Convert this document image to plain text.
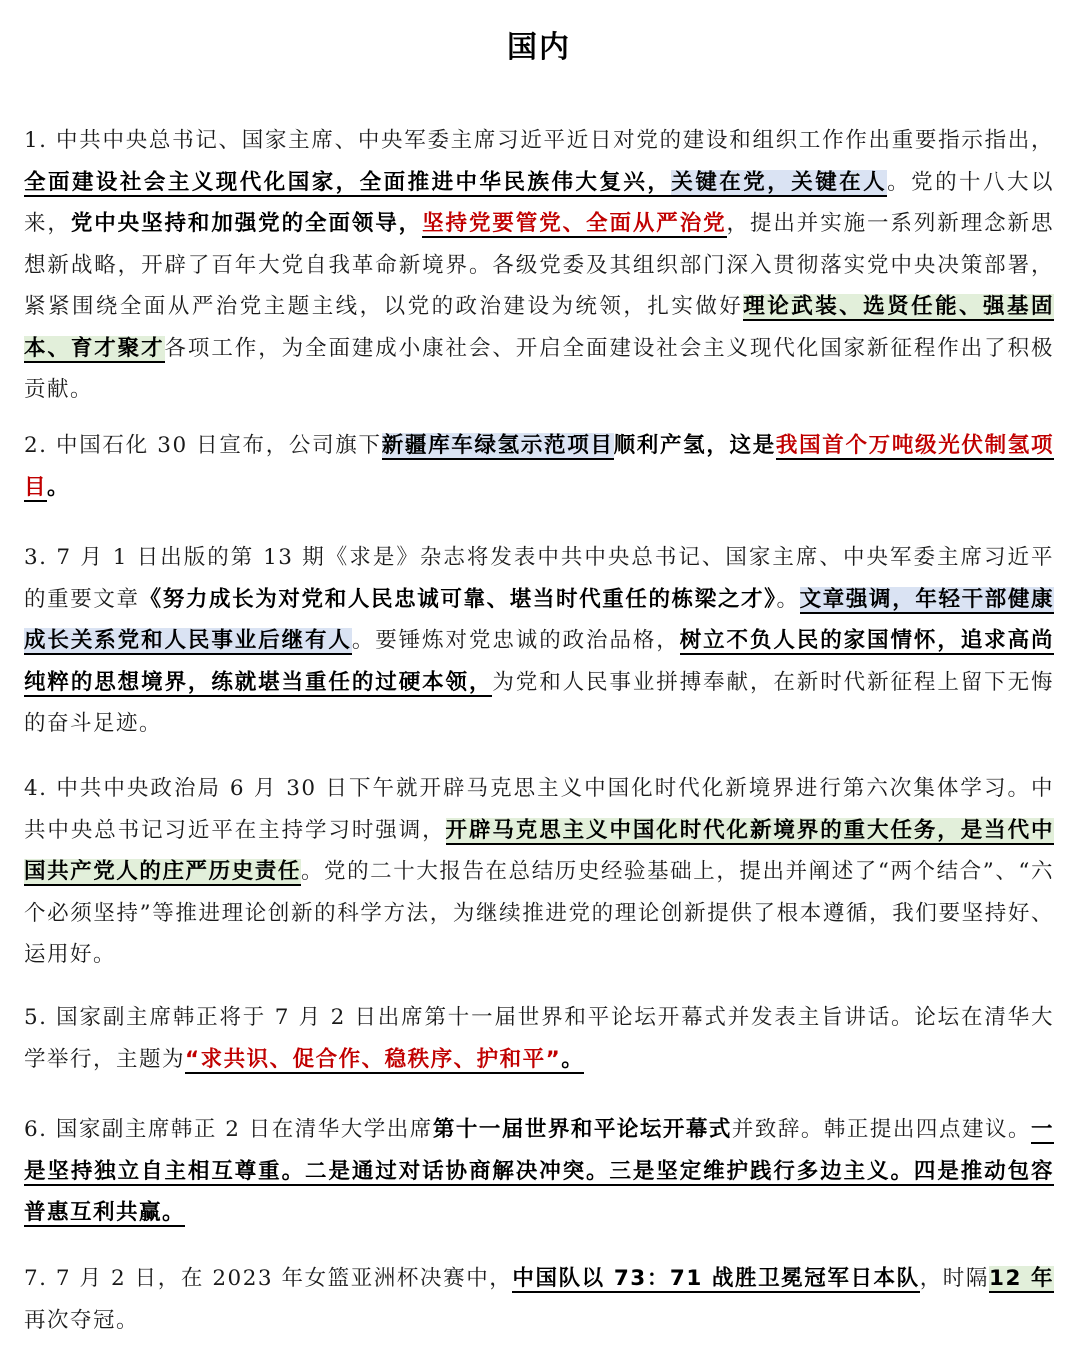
国内

1. 中共中央总书记、国家主席、中央军委主席习近平近日对党的建设和组织工作作出重要指示指出，全面建设社会主义现代化国家，全面推进中华民族伟大复兴，关键在党，关键在人。党的十八大以来，党中央坚持和加强党的全面领导，坚持党要管党、全面从严治党，提出并实施一系列新理念新思想新战略，开辟了百年大党自我革命新境界。各级党委及其组织部门深入贯彻落实党中央决策部署，紧紧围绕全面从严治党主题主线，以党的政治建设为统领，扎实做好理论武装、选贤任能、强基固本、育才聚才各项工作，为全面建成小康社会、开启全面建设社会主义现代化国家新征程作出了积极贡献。

2. 中国石化 30 日宣布，公司旗下新疆库车绿氢示范项目顺利产氢，这是我国首个万吨级光伏制氢项目。

3. 7 月 1 日出版的第 13 期《求是》杂志将发表中共中央总书记、国家主席、中央军委主席习近平的重要文章《努力成长为对党和人民忠诚可靠、堪当时代重任的栋梁之才》。文章强调，年轻干部健康成长关系党和人民事业后继有人。要锤炼对党忠诚的政治品格，树立不负人民的家国情怀，追求高尚纯粹的思想境界，练就堪当重任的过硬本领，为党和人民事业拼搏奉献，在新时代新征程上留下无悔的奋斗足迹。

4. 中共中央政治局 6 月 30 日下午就开辟马克思主义中国化时代化新境界进行第六次集体学习。中共中央总书记习近平在主持学习时强调，开辟马克思主义中国化时代化新境界的重大任务，是当代中国共产党人的庄严历史责任。党的二十大报告在总结历史经验基础上，提出并阐述了“两个结合”、“六个必须坚持”等推进理论创新的科学方法，为继续推进党的理论创新提供了根本遵循，我们要坚持好、运用好。

5. 国家副主席韩正将于 7 月 2 日出席第十一届世界和平论坛开幕式并发表主旨讲话。论坛在清华大学举行，主题为“求共识、促合作、稳秩序、护和平”。

6. 国家副主席韩正 2 日在清华大学出席第十一届世界和平论坛开幕式并致辞。韩正提出四点建议。一是坚持独立自主相互尊重。二是通过对话协商解决冲突。三是坚定维护践行多边主义。四是推动包容普惠互利共赢。

7. 7 月 2 日，在 2023 年女篮亚洲杯决赛中，中国队以 73：71 战胜卫冕冠军日本队，时隔12 年再次夺冠。
